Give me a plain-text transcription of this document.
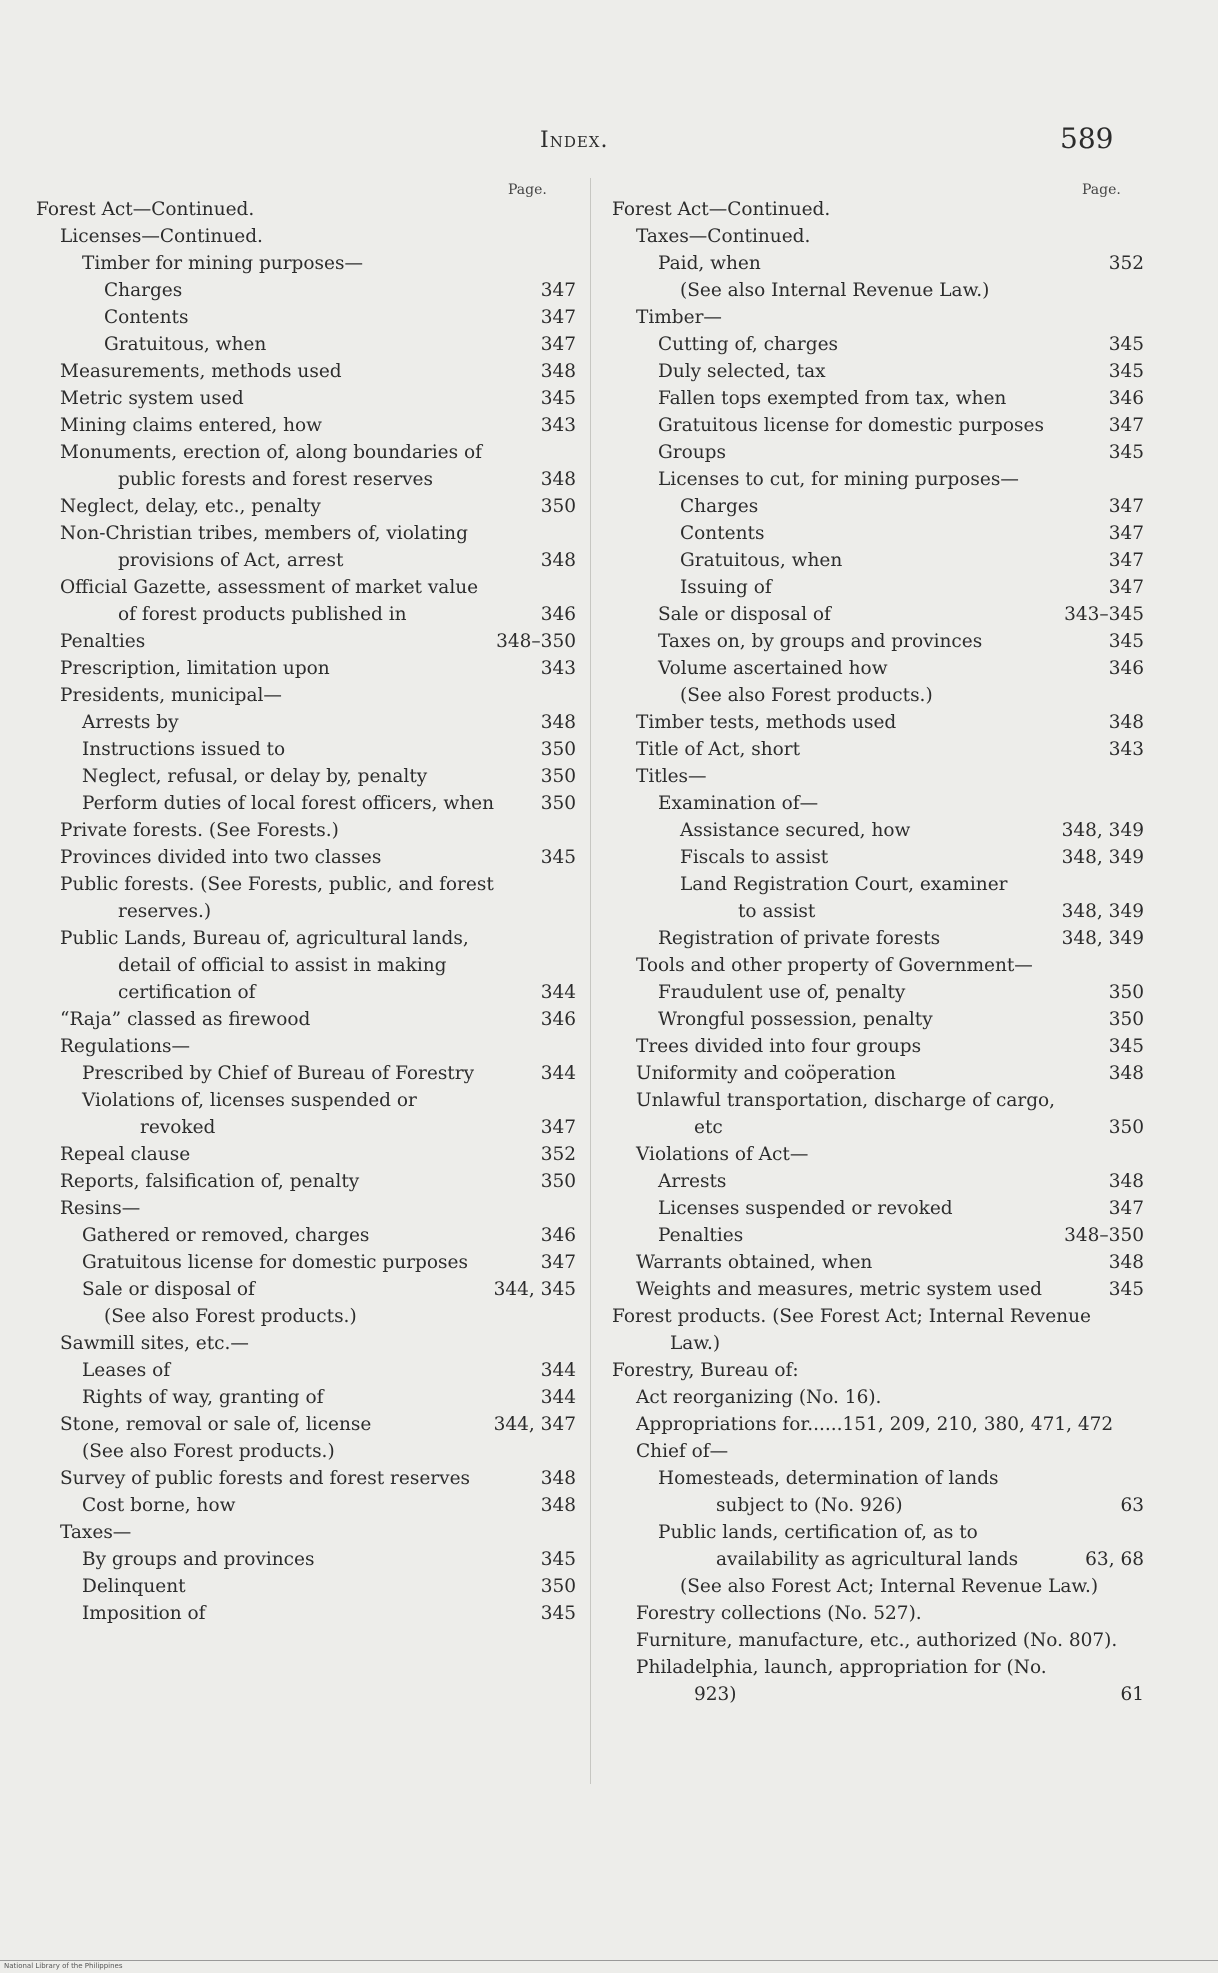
Index.	589
Page.	Page.
Forest Act—Continued.
Licenses—Continued.
Timber for mining purposes—
Charges	347
Contents	347
Gratuitous, when	347
Measurements, methods used	348
Metric system used	345
Mining claims entered, how	343
Monuments, erection of, along boundaries of public forests and forest reserves	348
Neglect, delay, etc., penalty	350
Non-Christian tribes, members of, violating provisions of Act, arrest	348
Official Gazette, assessment of market value of forest products published in	346
Penalties	348–350
Prescription, limitation upon	343
Presidents, municipal—
Arrests by	348
Instructions issued to	350
Neglect, refusal, or delay by, penalty	350
Perform duties of local forest officers, when	350
Private forests. (See Forests.)
Provinces divided into two classes	345
Public forests. (See Forests, public, and forest reserves.)
Public Lands, Bureau of, agricultural lands, detail of official to assist in making certification of	344
“Raja” classed as firewood	346
Regulations—
Prescribed by Chief of Bureau of Forestry	344
Violations of, licenses suspended or revoked	347
Repeal clause	352
Reports, falsification of, penalty	350
Resins—
Gathered or removed, charges	346
Gratuitous license for domestic purposes	347
Sale or disposal of	344, 345
(See also Forest products.)
Sawmill sites, etc.—
Leases of	344
Rights of way, granting of	344
Stone, removal or sale of, license	344, 347
(See also Forest products.)
Survey of public forests and forest reserves	348
Cost borne, how	348
Taxes—
By groups and provinces	345
Delinquent	350
Imposition of	345
Forest Act—Continued.
Taxes—Continued.
Paid, when	352
(See also Internal Revenue Law.)
Timber—
Cutting of, charges	345
Duly selected, tax	345
Fallen tops exempted from tax, when	346
Gratuitous license for domestic purposes	347
Groups	345
Licenses to cut, for mining purposes—
Charges	347
Contents	347
Gratuitous, when	347
Issuing of	347
Sale or disposal of	343–345
Taxes on, by groups and provinces	345
Volume ascertained how	346
(See also Forest products.)
Timber tests, methods used	348
Title of Act, short	343
Titles—
Examination of—
Assistance secured, how	348, 349
Fiscals to assist	348, 349
Land Registration Court, examiner to assist	348, 349
Registration of private forests	348, 349
Tools and other property of Government—
Fraudulent use of, penalty	350
Wrongful possession, penalty	350
Trees divided into four groups	345
Uniformity and coöperation	348
Unlawful transportation, discharge of cargo, etc	350
Violations of Act—
Arrests	348
Licenses suspended or revoked	347
Penalties	348–350
Warrants obtained, when	348
Weights and measures, metric system used	345
Forest products. (See Forest Act; Internal Revenue Law.)
Forestry, Bureau of:
Act reorganizing (No. 16).
Appropriations for......151, 209, 210, 380, 471, 472
Chief of—
Homesteads, determination of lands subject to (No. 926)	63
Public lands, certification of, as to availability as agricultural lands	63, 68
(See also Forest Act; Internal Revenue Law.)
Forestry collections (No. 527).
Furniture, manufacture, etc., authorized (No. 807).
Philadelphia, launch, appropriation for (No. 923)	61
National Library of the Philippines
